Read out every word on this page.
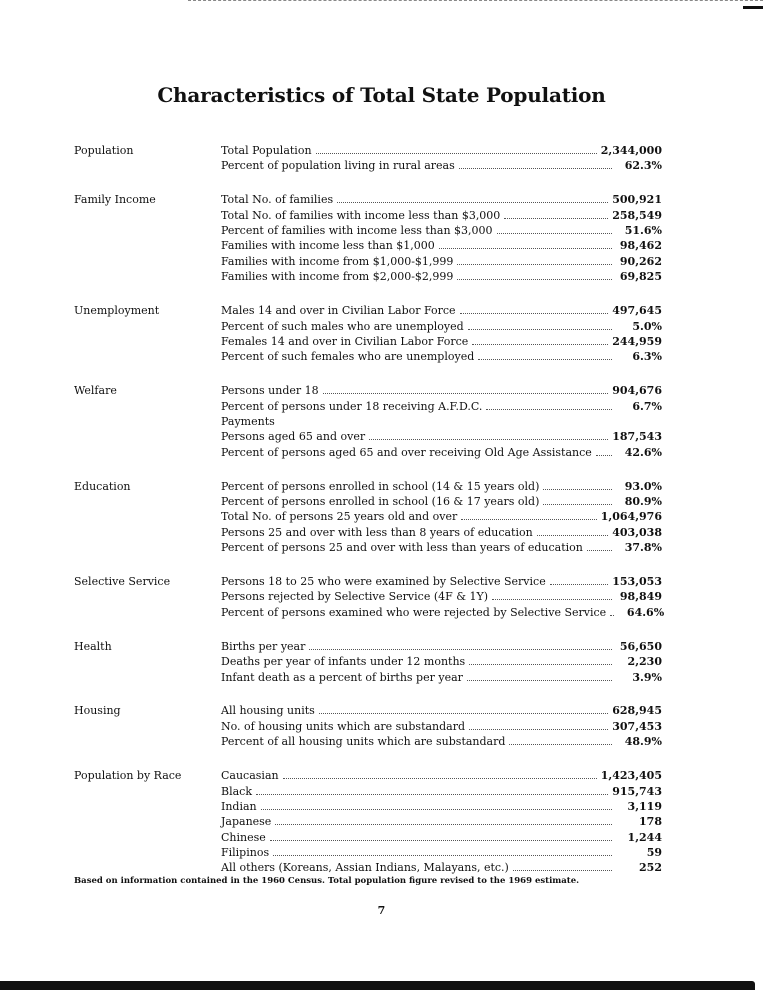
Characteristics of Total State Population
Population	Total Population	2,344,000
Percent of population living in rural areas	62.3%
Family Income	Total No. of families	500,921
Total No. of families with income less than $3,000	258,549
Percent of families with income less than $3,000	51.6%
Families with income less than $1,000	98,462
Families with income from $1,000-$1,999	90,262
Families with income from $2,000-$2,999	69,825
Unemployment	Males 14 and over in Civilian Labor Force	497,645
Percent of such males who are unemployed	5.0%
Females 14 and over in Civilian Labor Force	244,959
Percent of such females who are unemployed	6.3%
Welfare	Persons under 18	904,676
Percent of persons under 18 receiving A.F.D.C.	6.7%
Payments
Persons aged 65 and over	187,543
Percent of persons aged 65 and over receiving Old Age Assistance	42.6%
Education	Percent of persons enrolled in school (14 & 15 years old)	93.0%
Percent of persons enrolled in school (16 & 17 years old)	80.9%
Total No. of persons 25 years old and over	1,064,976
Persons 25 and over with less than 8 years of education	403,038
Percent of persons 25 and over with less than years of education	37.8%
Selective Service	Persons 18 to 25 who were examined by Selective Service	153,053
Persons rejected by Selective Service (4F & 1Y)	98,849
Percent of persons examined who were rejected by Selective Service	64.6%
Health	Births per year	56,650
Deaths per year of infants under 12 months	2,230
Infant death as a percent of births per year	3.9%
Housing	All housing units	628,945
No. of housing units which are substandard	307,453
Percent of all housing units which are substandard	48.9%
Population by Race	Caucasian	1,423,405
Black	915,743
Indian	3,119
Japanese	178
Chinese	1,244
Filipinos	59
All others (Koreans, Assian Indians, Malayans, etc.)	252
Based on information contained in the 1960 Census. Total population figure revised to the 1969 estimate.
7
